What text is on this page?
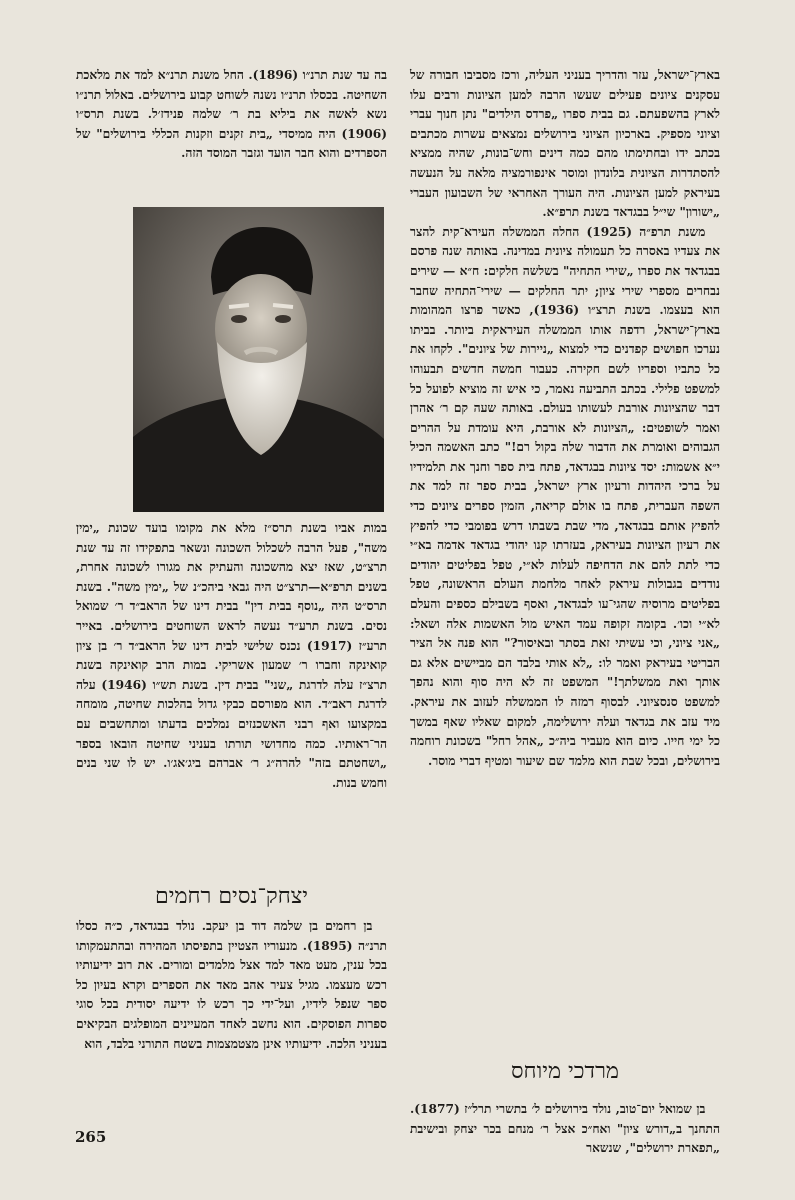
בארץ־ישראל, עזר והדריך בעניני העליה, ורכז מסביבו חבורה של עסקנים ציונים פעילים שעשו הרבה למען הציונות ורבים עלו לארץ בהשפעתם. גם בבית ספרו „פרדס הילדים" נתן חנוך עברי וציוני מספיק. בארכיון הציוני בירושלים נמצאים עשרות מכתבים בכתב ידו ובחתימתו מהם כמה דינים וחש־בונות, שהיה ממציא להסתדרות הציונית בלונדון ומוסר אינפורמציה מלאה על הנעשה בעיראק למען הציונות. היה העורך האחראי של השבועון העברי „ישורון" שי״ל בבגדאד בשנת תרפ״א.

משנת תרפ״ה (1925) החלה הממשלה העירא־קית להצר את צעדיו באסרה כל תעמולה ציונית במדינה. באותה שנה פרסם בבגדאד את ספרו „שירי התחיה" בשלשה חלקים: ח״א — שירים נבחרים מספרי שירי ציון; יתר החלקים — שירי־התחיה שחבר הוא בעצמו. בשנת תרצ״ו (1936), כאשר פרצו המהומות בארץ־ישראל, רדפה אותו הממשלה העיראקית ביותר. בביתו נערכו חפושים קפדנים כדי למצוא „ניירות של ציונים". לקחו את כל כתביו וספריו לשם חקירה. כעבור חמשה חדשים תבעוהו למשפט פלילי. בכתב התביעה נאמר, כי איש זה מוציא לפועל כל דבר שהציונות אורבת לעשותו בעולם. באותה שעה קם ר׳ אהרן ואמר לשופטים: „הציונות לא אורבת, היא עומדת על ההרים הגבוהים ואומרת את הדבור שלה בקול רם!" כתב האשמה הכיל י״א אשמות: יסד ציונות בבגדאד, פתח בית ספר וחנך את תלמידיו על ברכי היהדות ורעיון ארץ ישראל, בבית ספר זה למד את השפה העברית, פתח בו אולם קריאה, הזמין ספרים ציונים כדי להפיץ אותם בבגדאד, מדי שבת בשבתו דרש בפומבי כדי להפיץ את רעיון הציונות בעיראק, בעזרתו קנו יהודי בגדאד אדמה בא״י כדי לתת להם את הדחיפה לעלות לא״י, טפל בפליטים יהודים נודדים בגבולות עיראק לאחר מלחמת העולם הראשונה, טפל בפליטים מרוסיה שהגי־עו לבגדאד, ואסף בשבילם כספים והעלם לא״י וכו׳. בקומה זקופה עמד האיש מול האשמות אלה ושאל: „אני ציוני, וכי עשיתי זאת בסתר ובאיסור?" הוא פנה אל הציר הבריטי בעיראק ואמר לו: „לא אותי בלבד הם מביישים אלא גם אותך ואת ממשלתך!" המשפט זה לא היה סוף והוא נהפך למשפט סנסציוני. לבסוף רמזה לו הממשלה לעזוב את עיראק. מיד עזב את בגדאד ועלה ירושלימה, למקום שאליו שאף במשך כל ימי חייו. כיום הוא מעביר ביה״כ „אהל רחל" בשכונת רוחמה בירושלים, ובכל שבת הוא מלמד שם שיעור ומטיף דברי מוסר.

מרדכי מיוחס

בן שמואל יום־טוב, נולד בירושלים ל׳ בתשרי תרל״ז (1877). התחנך ב„דורש ציון" ואח״כ אצל ר׳ מנחם בכר יצחק ובישיבת „תפארת ירושלים", שנשאר

בה עד שנת תרנ״ו (1896). החל משנת תרנ״א למד את מלאכת השחיטה. בכסלו תרנ״ו נשנה לשוחט קבוע בירושלים. באלול תרנ״ו נשא לאשה את ביליא בת ר׳ שלמה פנידז׳ל. בשנת תרס״ו (1906) היה ממיסדי „בית זקנים וזקנות הכללי בירושלים" של הספרדים והוא חבר הועד וגזבר המוסד הזה.

במות אביו בשנת תרס״ז מלא את מקומו בועד שכונת „ימין משה", פעל הרבה לשכלול השכונה ונשאר בתפקידו זה עד שנת תרצ״ט, שאז יצא מהשכונה והעתיק את מגורו לשכונה אחרת, בשנים תרפ״א—תרצ״ט היה גבאי ביהכ״נ של „ימין משה". בשנת תרס״ט היה „נוסף בבית דין" בבית דינו של הראב״ד ר׳ שמואל נסים. בשנת תרע״ד נעשה לראש השוחטים בירושלים. באייר תרע״ז (1917) נכנס שלישי לבית דינו של הראב״ד ר׳ בן ציון קואינקה וחברו ר׳ שמעון אשריקי. במות הרב קואינקה בשנת תרצ״ז עלה לדרגת „שני" בבית דין. בשנת תש״ו (1946) עלה לדרגת ראב״ד. הוא מפורסם כבקי גדול בהלכות שחיטה, מומחה במקצועו ואף רבני האשכנזים נמלכים בדעתו ומתחשבים עם הר־ראותיו. כמה מחדושי תורתו בעניני שחיטה הובאו בספר „ושחטתם בזה" להרה״ג ר׳ אברהם ביג׳אג׳ו. יש לו שני בנים וחמש בנות.

יצחק־נסים רחמים

בן רחמים בן שלמה דוד בן יעקב. נולד בבגדאד, כ״ה כסלו תרנ״ה (1895). מנעוריו הצטיין בתפיסתו המהירה ובהתעמקותו בכל ענין, מעט מאד למד אצל מלמדים ומורים. את רוב ידיעותיו רכש מעצמו. מגיל צעיר אהב מאד את הספרים וקרא בעיון כל ספר שנפל לידיו, ועל־ידי כך רכש לו ידיעה יסודית בכל סוגי ספרות הפוסקים. הוא נחשב לאחד המעיינים המופלגים הבקיאים בעניני הלכה. ידיעותיו אינן מצטמצמות בשטח התורני בלבד, הוא

265
